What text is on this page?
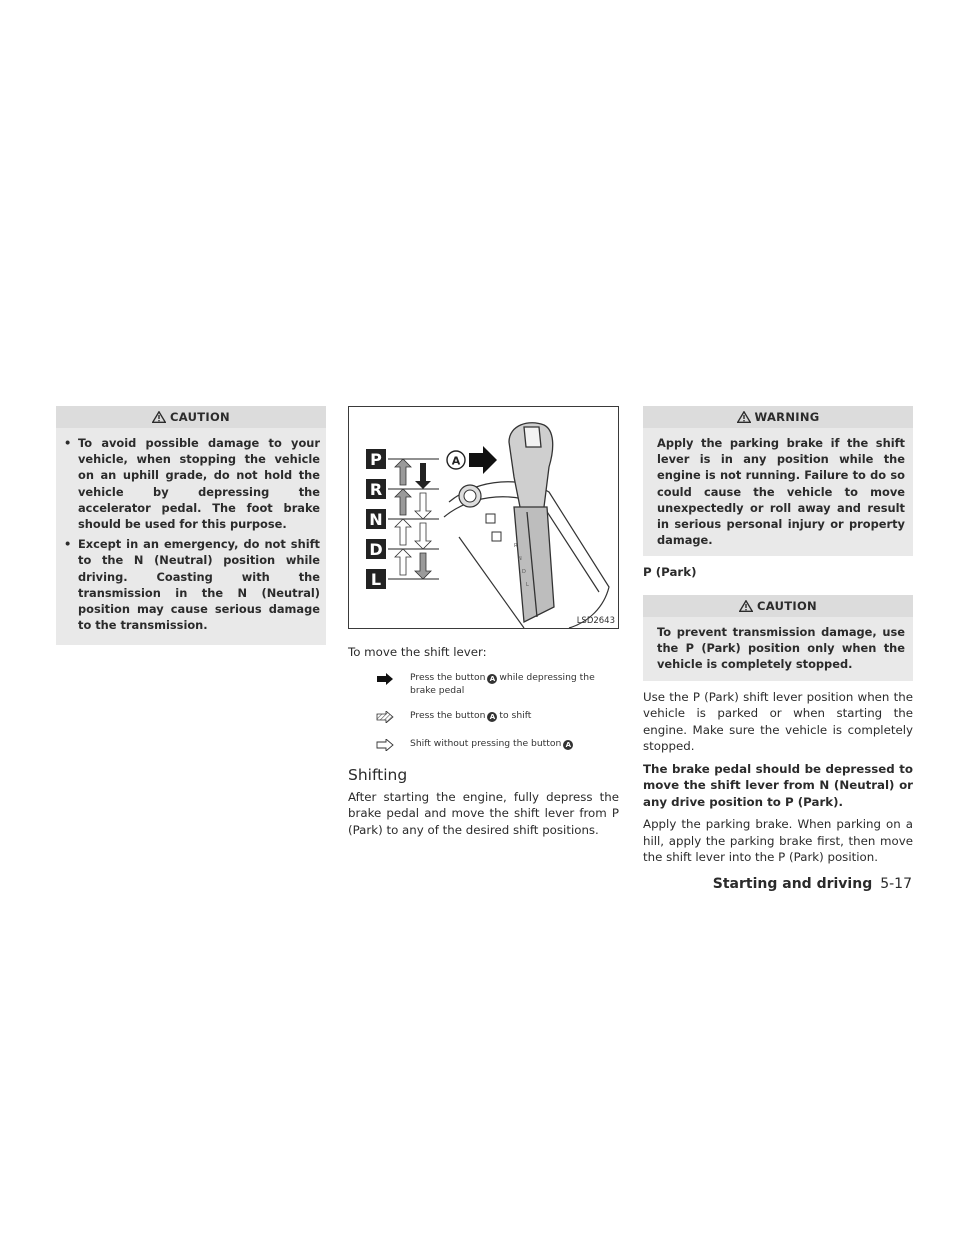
CAUTION
• To avoid possible damage to your vehicle, when stopping the vehicle on an uphill grade, do not hold the vehicle by depressing the accelerator pedal. The foot brake should be used for this purpose.
• Except in an emergency, do not shift to the N (Neutral) position while driving. Coasting with the transmission in the N (Neutral) position may cause serious damage to the transmission.
P
R
N
D
L
R
N
D
L
A
LSD2643

To move the shift lever:

Press the button A while depressing the brake pedal
Press the button A to shift
Shift without pressing the button A
Shifting

After starting the engine, fully depress the brake pedal and move the shift lever from P (Park) to any of the desired shift positions.

WARNING
Apply the parking brake if the shift lever is in any position while the engine is not running. Failure to do so could cause the vehicle to move unexpectedly or roll away and result in serious personal injury or property damage.

P (Park)

CAUTION
To prevent transmission damage, use the P (Park) position only when the vehicle is completely stopped.

Use the P (Park) shift lever position when the vehicle is parked or when starting the engine. Make sure the vehicle is completely stopped.

The brake pedal should be depressed to move the shift lever from N (Neutral) or any drive position to P (Park).

Apply the parking brake. When parking on a hill, apply the parking brake first, then move the shift lever into the P (Park) position.

Starting and driving 5-17
